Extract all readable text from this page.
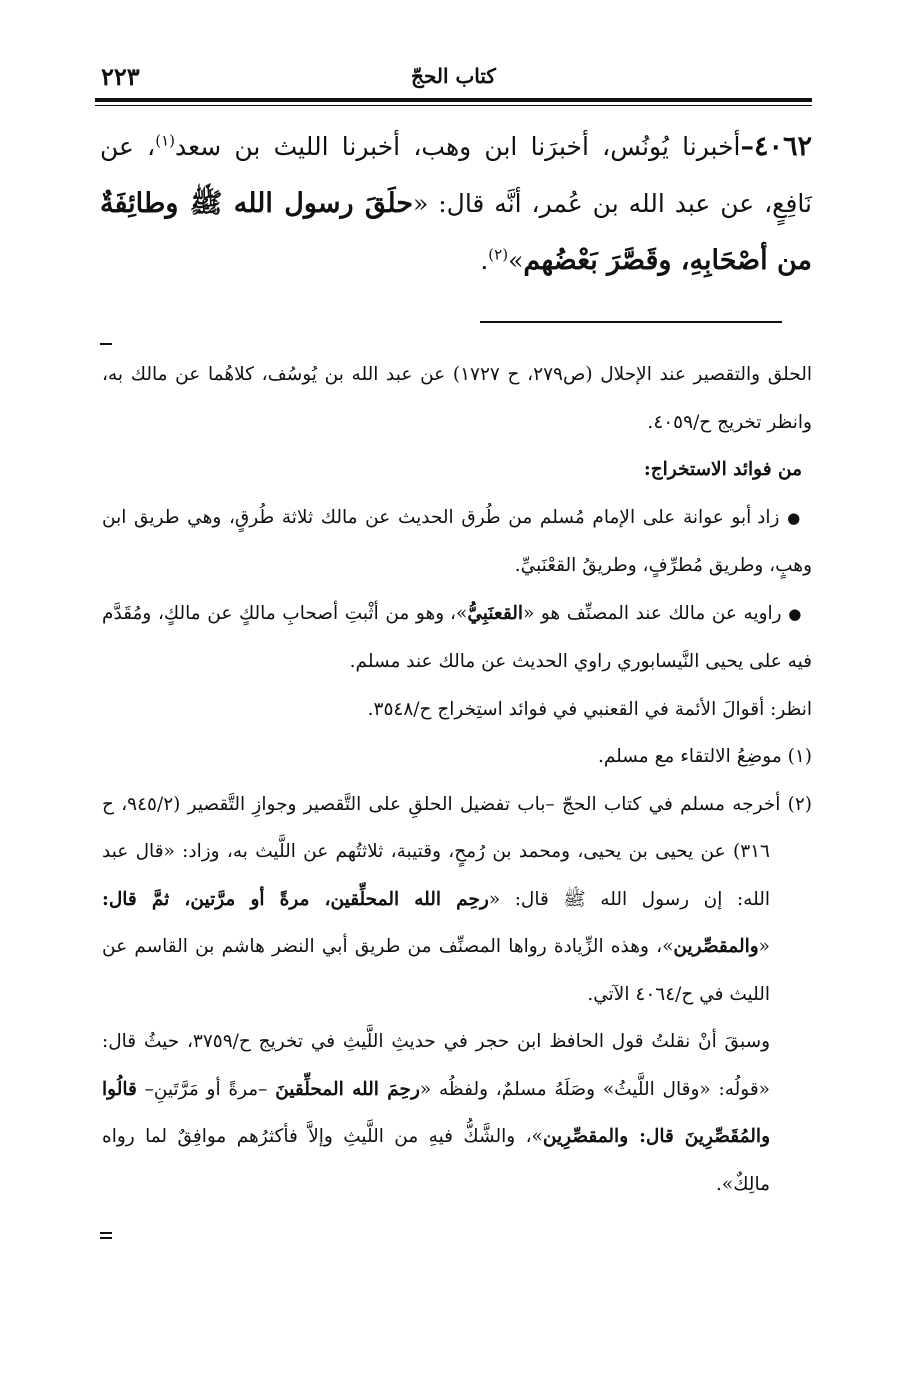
كتاب الحجّ
٢٢٣
٤٠٦٢–أخبرنا يُونُس، أخبرَنا ابن وهب، أخبرنا الليث بن سعد$^{(١)}$، عن نَافِعٍ، عن عبد الله بن عُمر، أنَّه قال: «حلَقَ رسول الله ﷺ وطائِفَةٌ من أصْحَابِهِ، وقَصَّرَ بَعْضُهم»$^{(٢)}$.

الحلق والتقصير عند الإحلال (ص٢٧٩، ح ١٧٢٧) عن عبد الله بن يُوسُف، كلاهُما عن مالك به، وانظر تخريج ح/٤٠٥٩.

من فوائد الاستخراج:

● زاد أبو عوانة على الإمام مُسلم من طُرق الحديث عن مالك ثلاثة طُرقٍ، وهي طريق ابن وهبٍ، وطريق مُطرِّفٍ، وطريقُ القعْنَبيِّ.

● راويه عن مالك عند المصنِّف هو «القعنَبِيُّ»، وهو من أثْبتِ أصحابِ مالكٍ عن مالكٍ، ومُقَدَّم فيه على يحيى النَّيسابوري راوي الحديث عن مالك عند مسلم.

انظر: أقوالَ الأئمة في القعنبي في فوائد استِخراج ح/٣٥٤٨.

(١) موضِعُ الالتقاء مع مسلم.

(٢) أخرجه مسلم في كتاب الحجّ –باب تفضيل الحلقِ على التَّقصير وجوازِ التَّقصير (٩٤٥/٢، ح ٣١٦) عن يحيى بن يحيى، ومحمد بن رُمحٍ، وقتيبة، ثلاثتُهم عن اللَّيث به، وزاد: «قال عبد الله: إن رسول الله ﷺ قال: «رحِم الله المحلِّقين، مرةً أو مرَّتين، ثمَّ قال: «والمقصِّرين»، وهذه الزِّيادة رواها المصنِّف من طريق أبي النضر هاشم بن القاسم عن الليث في ح/٤٠٦٤ الآتي.

وسبقَ أنْ نقلتُ قول الحافظ ابن حجر في حديثِ اللَّيثِ في تخريج ح/٣٧٥٩، حيثُ قال: «قولُه: «وقال اللَّيثُ» وصَلَهُ مسلمٌ، ولفظُه «رحِمَ الله المحلِّقينَ –مرةً أو مَرَّتَينِ– قالُوا والمُقَصِّرِينَ قال: والمقصِّرِين»، والشَّكُّ فيهِ من اللَّيثِ وإلاَّ فأكثرُهم موافِقٌ لما رواه مالِكٌ».
